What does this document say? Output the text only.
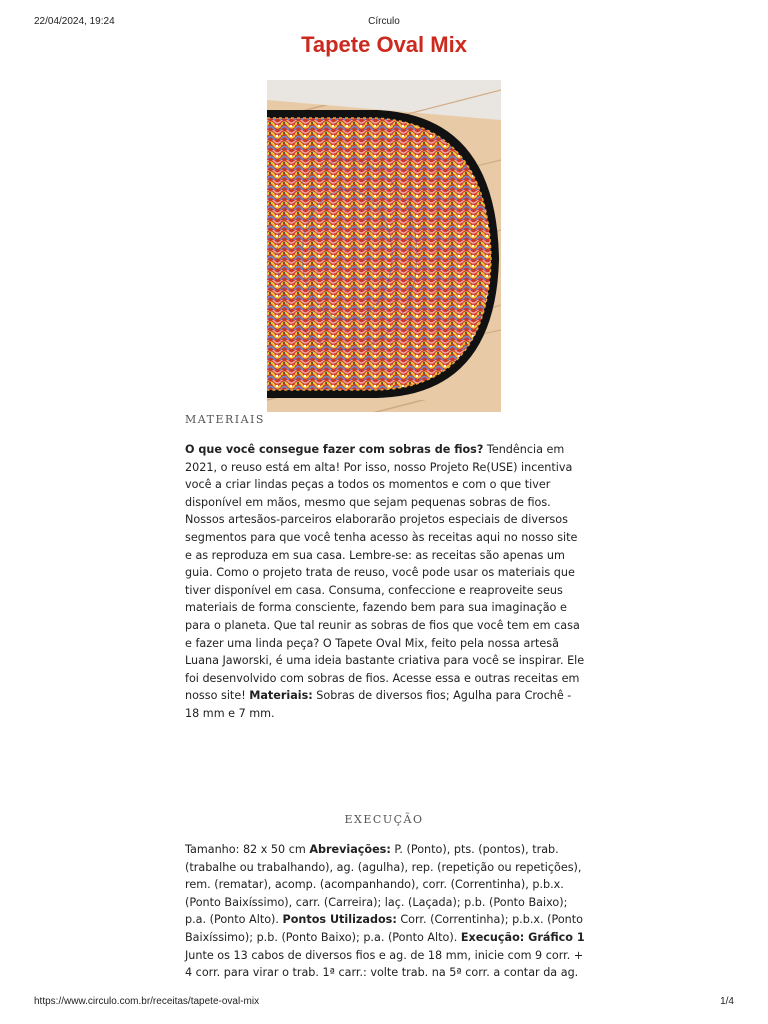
22/04/2024, 19:24	Círculo
Tapete Oval Mix
MATERIAIS
O que você consegue fazer com sobras de fios? Tendência em 2021, o reuso está em alta! Por isso, nosso Projeto Re(USE) incentiva você a criar lindas peças a todos os momentos e com o que tiver disponível em mãos, mesmo que sejam pequenas sobras de fios. Nossos artesãos-parceiros elaborarão projetos especiais de diversos segmentos para que você tenha acesso às receitas aqui no nosso site e as reproduza em sua casa. Lembre-se: as receitas são apenas um guia. Como o projeto trata de reuso, você pode usar os materiais que tiver disponível em casa. Consuma, confeccione e reaproveite seus materiais de forma consciente, fazendo bem para sua imaginação e para o planeta. Que tal reunir as sobras de fios que você tem em casa e fazer uma linda peça? O Tapete Oval Mix, feito pela nossa artesã Luana Jaworski, é uma ideia bastante criativa para você se inspirar. Ele foi desenvolvido com sobras de fios. Acesse essa e outras receitas em nosso site! Materiais: Sobras de diversos fios; Agulha para Crochê - 18 mm e 7 mm.
EXECUÇÃO
Tamanho: 82 x 50 cm Abreviações: P. (Ponto), pts. (pontos), trab. (trabalhe ou trabalhando), ag. (agulha), rep. (repetição ou repetições), rem. (rematar), acomp. (acompanhando), corr. (Correntinha), p.b.x. (Ponto Baixíssimo), carr. (Carreira); laç. (Laçada); p.b. (Ponto Baixo); p.a. (Ponto Alto). Pontos Utilizados: Corr. (Correntinha); p.b.x. (Ponto Baixíssimo); p.b. (Ponto Baixo); p.a. (Ponto Alto). Execução: Gráfico 1 Junte os 13 cabos de diversos fios e ag. de 18 mm, inicie com 9 corr. + 4 corr. para virar o trab. 1ª carr.: volte trab. na 5ª corr. a contar da ag.
https://www.circulo.com.br/receitas/tapete-oval-mix	1/4
